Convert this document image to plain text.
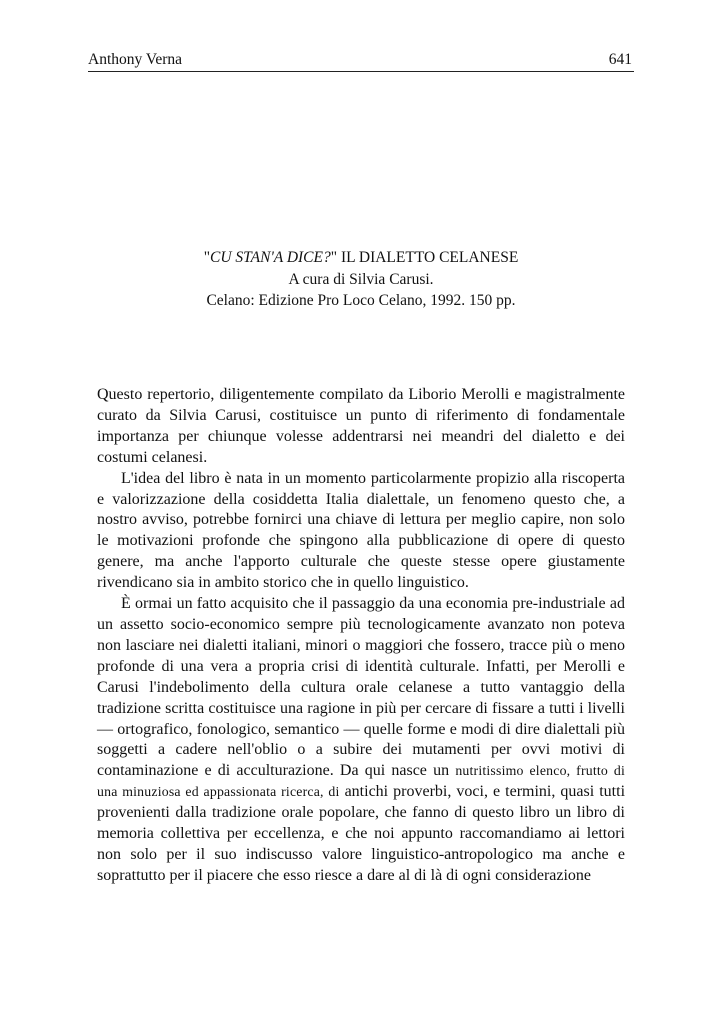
Anthony Verna	641
"CU STAN'A DICE?" IL DIALETTO CELANESE
A cura di Silvia Carusi.
Celano: Edizione Pro Loco Celano, 1992. 150 pp.

Questo repertorio, diligentemente compilato da Liborio Merolli e magistralmente curato da Silvia Carusi, costituisce un punto di riferimento di fondamentale importanza per chiunque volesse addentrarsi nei meandri del dialetto e dei costumi celanesi.

L'idea del libro è nata in un momento particolarmente propizio alla riscoperta e valorizzazione della cosiddetta Italia dialettale, un fenomeno questo che, a nostro avviso, potrebbe fornirci una chiave di lettura per meglio capire, non solo le motivazioni profonde che spingono alla pubblicazione di opere di questo genere, ma anche l'apporto culturale che queste stesse opere giustamente rivendicano sia in ambito storico che in quello linguistico.

È ormai un fatto acquisito che il passaggio da una economia pre-industriale ad un assetto socio-economico sempre più tecnologicamente avanzato non poteva non lasciare nei dialetti italiani, minori o maggiori che fossero, tracce più o meno profonde di una vera a propria crisi di identità culturale. Infatti, per Merolli e Carusi l'indebolimento della cultura orale celanese a tutto vantaggio della tradizione scritta costituisce una ragione in più per cercare di fissare a tutti i livelli — ortografico, fonologico, semantico — quelle forme e modi di dire dialettali più soggetti a cadere nell'oblio o a subire dei mutamenti per ovvi motivi di contaminazione e di acculturazione. Da qui nasce un nutritissimo elenco, frutto di una minuziosa ed appassionata ricerca, di antichi proverbi, voci, e termini, quasi tutti provenienti dalla tradizione orale popolare, che fanno di questo libro un libro di memoria collettiva per eccellenza, e che noi appunto raccomandiamo ai lettori non solo per il suo indiscusso valore linguistico-antropologico ma anche e soprattutto per il piacere che esso riesce a dare al di là di ogni considerazione
